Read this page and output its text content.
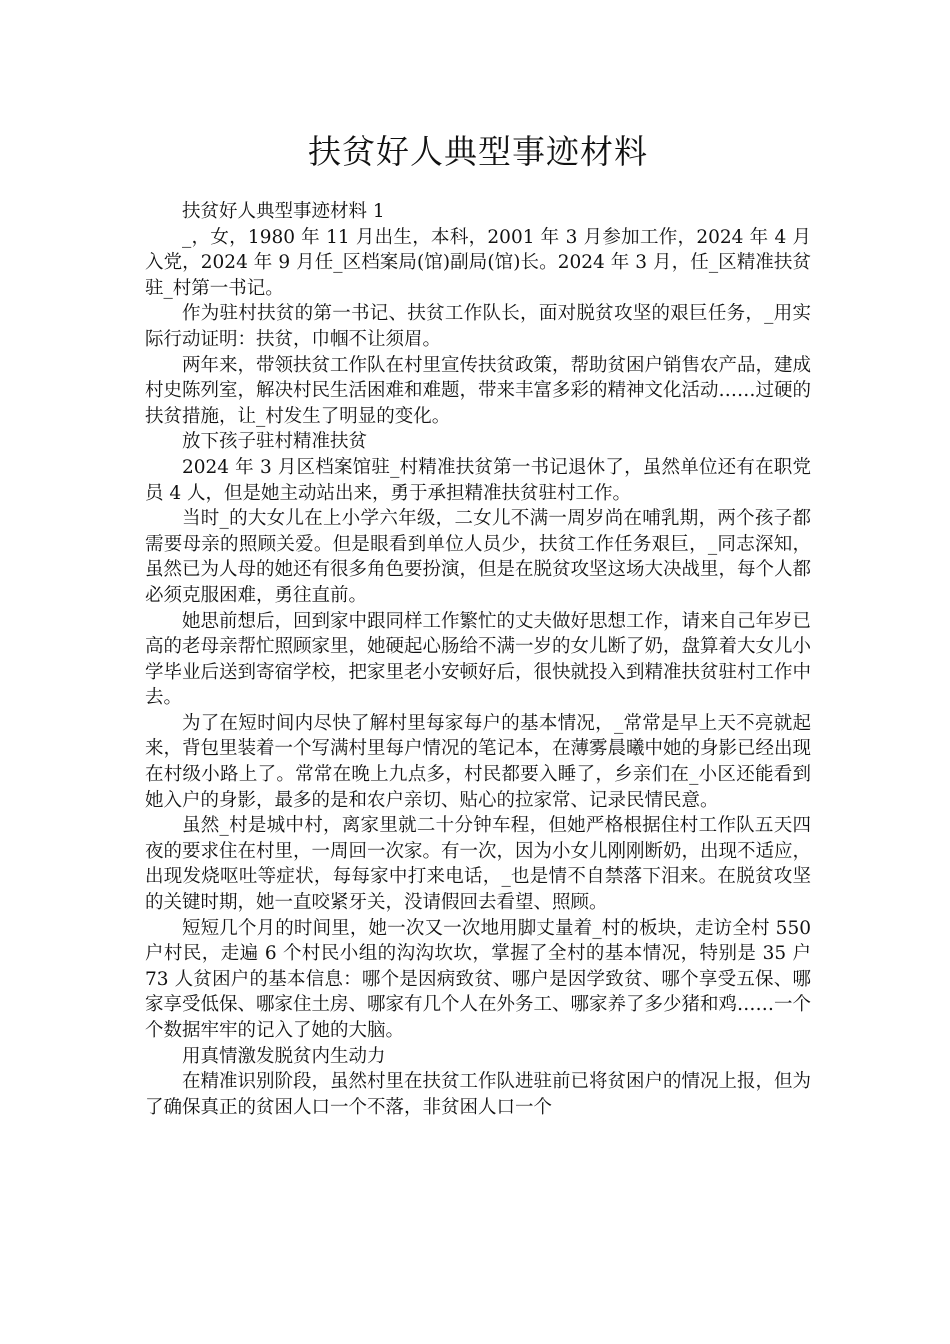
扶贫好人典型事迹材料

扶贫好人典型事迹材料 1

_，女，1980 年 11 月出生，本科，2001 年 3 月参加工作，2024 年 4 月入党，2024 年 9 月任_区档案局(馆)副局(馆)长。2024 年 3 月，任_区精准扶贫驻_村第一书记。

作为驻村扶贫的第一书记、扶贫工作队长，面对脱贫攻坚的艰巨任务，_用实际行动证明：扶贫，巾帼不让须眉。

两年来，带领扶贫工作队在村里宣传扶贫政策，帮助贫困户销售农产品，建成村史陈列室，解决村民生活困难和难题，带来丰富多彩的精神文化活动……过硬的扶贫措施，让_村发生了明显的变化。

放下孩子驻村精准扶贫

2024 年 3 月区档案馆驻_村精准扶贫第一书记退休了，虽然单位还有在职党员 4 人，但是她主动站出来，勇于承担精准扶贫驻村工作。

当时_的大女儿在上小学六年级，二女儿不满一周岁尚在哺乳期，两个孩子都需要母亲的照顾关爱。但是眼看到单位人员少，扶贫工作任务艰巨，_同志深知，虽然已为人母的她还有很多角色要扮演，但是在脱贫攻坚这场大决战里，每个人都必须克服困难，勇往直前。

她思前想后，回到家中跟同样工作繁忙的丈夫做好思想工作，请来自己年岁已高的老母亲帮忙照顾家里，她硬起心肠给不满一岁的女儿断了奶，盘算着大女儿小学毕业后送到寄宿学校，把家里老小安顿好后，很快就投入到精准扶贫驻村工作中去。

为了在短时间内尽快了解村里每家每户的基本情况，_常常是早上天不亮就起来，背包里装着一个写满村里每户情况的笔记本，在薄雾晨曦中她的身影已经出现在村级小路上了。常常在晚上九点多，村民都要入睡了，乡亲们在_小区还能看到她入户的身影，最多的是和农户亲切、贴心的拉家常、记录民情民意。

虽然_村是城中村，离家里就二十分钟车程，但她严格根据住村工作队五天四夜的要求住在村里，一周回一次家。有一次，因为小女儿刚刚断奶，出现不适应，出现发烧呕吐等症状，每每家中打来电话，_也是情不自禁落下泪来。在脱贫攻坚的关键时期，她一直咬紧牙关，没请假回去看望、照顾。

短短几个月的时间里，她一次又一次地用脚丈量着_村的板块，走访全村 550 户村民，走遍 6 个村民小组的沟沟坎坎，掌握了全村的基本情况，特别是 35 户 73 人贫困户的基本信息：哪个是因病致贫、哪户是因学致贫、哪个享受五保、哪家享受低保、哪家住土房、哪家有几个人在外务工、哪家养了多少猪和鸡……一个个数据牢牢的记入了她的大脑。

用真情激发脱贫内生动力

在精准识别阶段，虽然村里在扶贫工作队进驻前已将贫困户的情况上报，但为了确保真正的贫困人口一个不落，非贫困人口一个
